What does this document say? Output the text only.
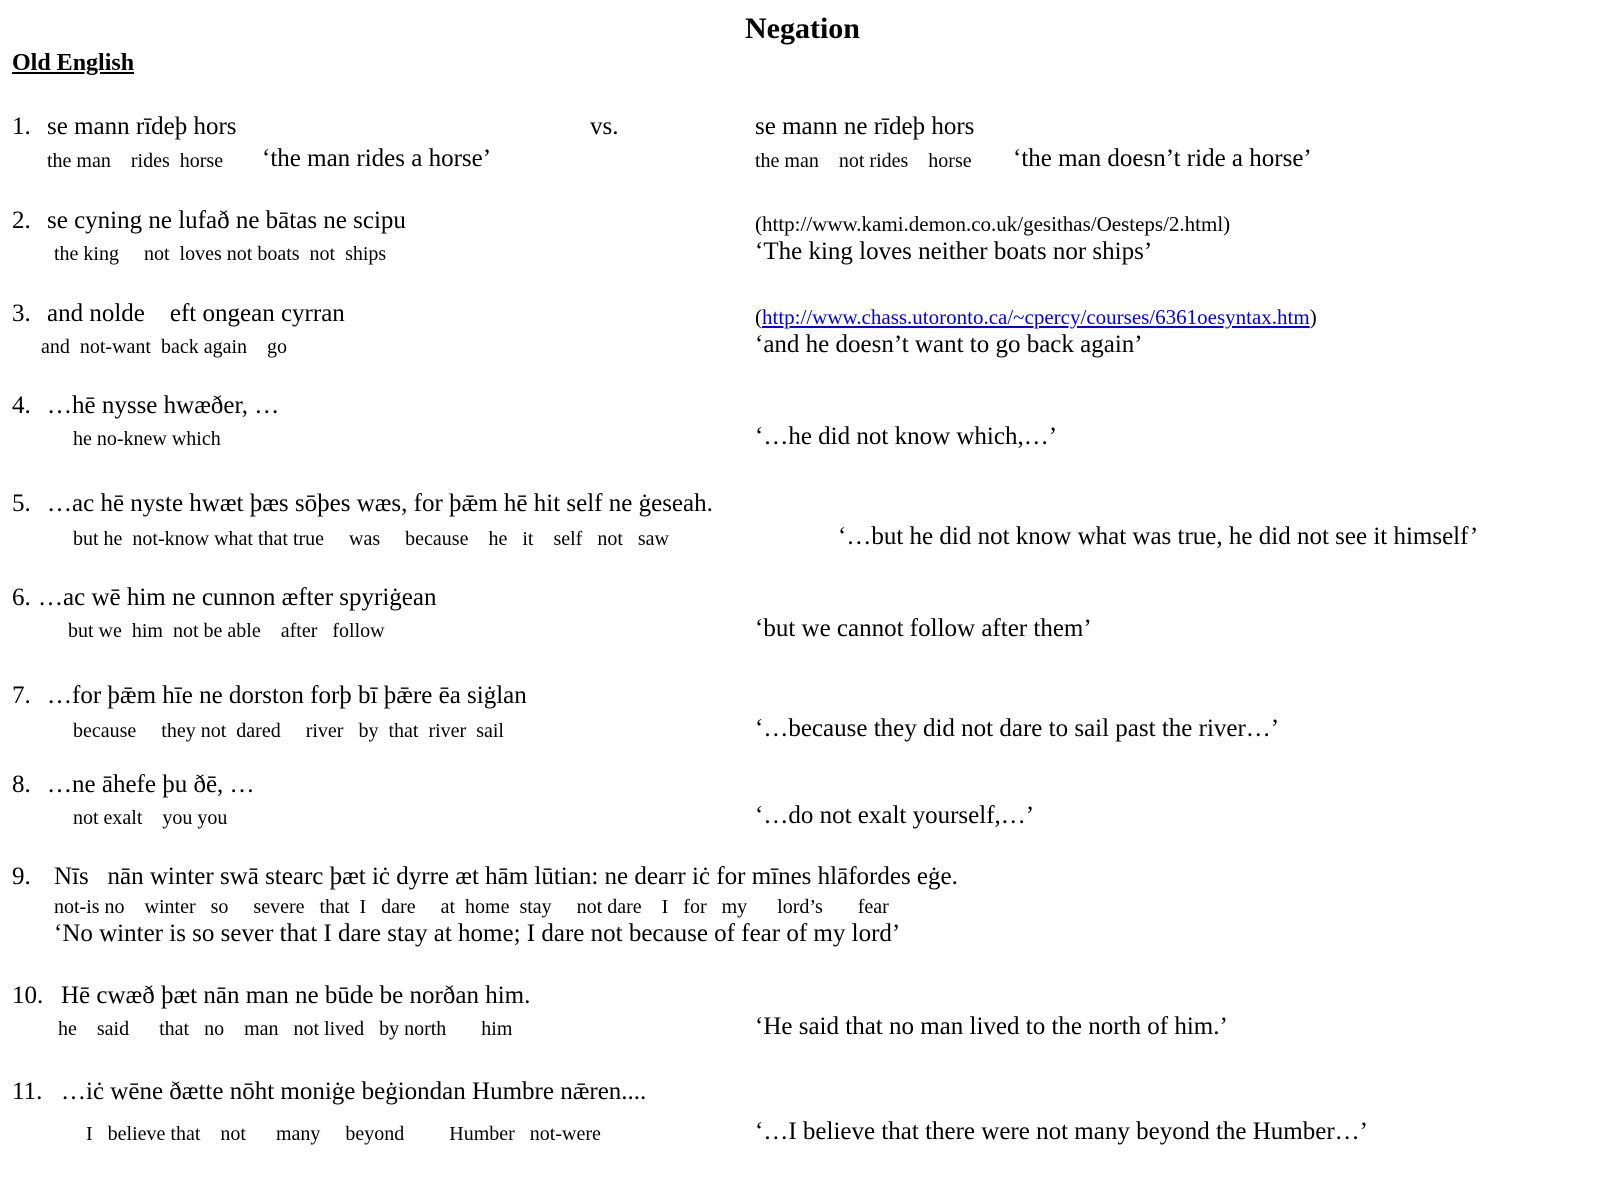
Negation
Old English
1. se mann rīdeþ hors
the man    rides  horse ‘the man rides a horse’
vs.	se mann ne rīdeþ hors
the man    not rides    horse ‘the man doesn’t ride a horse’
2. se cyning ne lufað ne bātas ne scipu
the king     not  loves not boats  not  ships
(http://www.kami.demon.co.uk/gesithas/Oesteps/2.html)
‘The king loves neither boats nor ships’
3. and nolde    eft ongean cyrran
and  not-want  back again    go
(http://www.chass.utoronto.ca/~cpercy/courses/6361oesyntax.htm)
‘and he doesn’t want to go back again’
4. …hē nysse hwæðer, …
he no-knew which	‘…he did not know which,…’
5. …ac hē nyste hwæt þæs sōþes wæs, for þǣm hē hit self ne ġeseah.
but he  not-know what that true     was     because    he   it    self   not   saw	‘…but he did not know what was true, he did not see it himself’
6. …ac wē him ne cunnon æfter spyriġean
but we  him  not be able    after   follow	‘but we cannot follow after them’
7. …for þǣm hīe ne dorston forþ bī þǣre ēa siġlan
because     they not  dared     river   by  that  river  sail	‘…because they did not dare to sail past the river…’
8. …ne āhefe þu ðē, …
not exalt    you you	‘…do not exalt yourself,…’
9. Nīs   nān winter swā stearc þæt iċ dyrre æt hām lūtian: ne dearr iċ for mīnes hlāfordes eġe.
not-is no    winter   so     severe   that  I   dare     at  home  stay     not dare    I   for   my      lord’s       fear
‘No winter is so sever that I dare stay at home; I dare not because of fear of my lord’
10. Hē cwæð þæt nān man ne būde be norðan him.
he    said      that   no    man   not lived   by north       him	‘He said that no man lived to the north of him.’
11. …iċ wēne ðætte nōht moniġe beġiondan Humbre nǣren....
I   believe that    not      many     beyond         Humber   not-were	‘…I believe that there were not many beyond the Humber…’
